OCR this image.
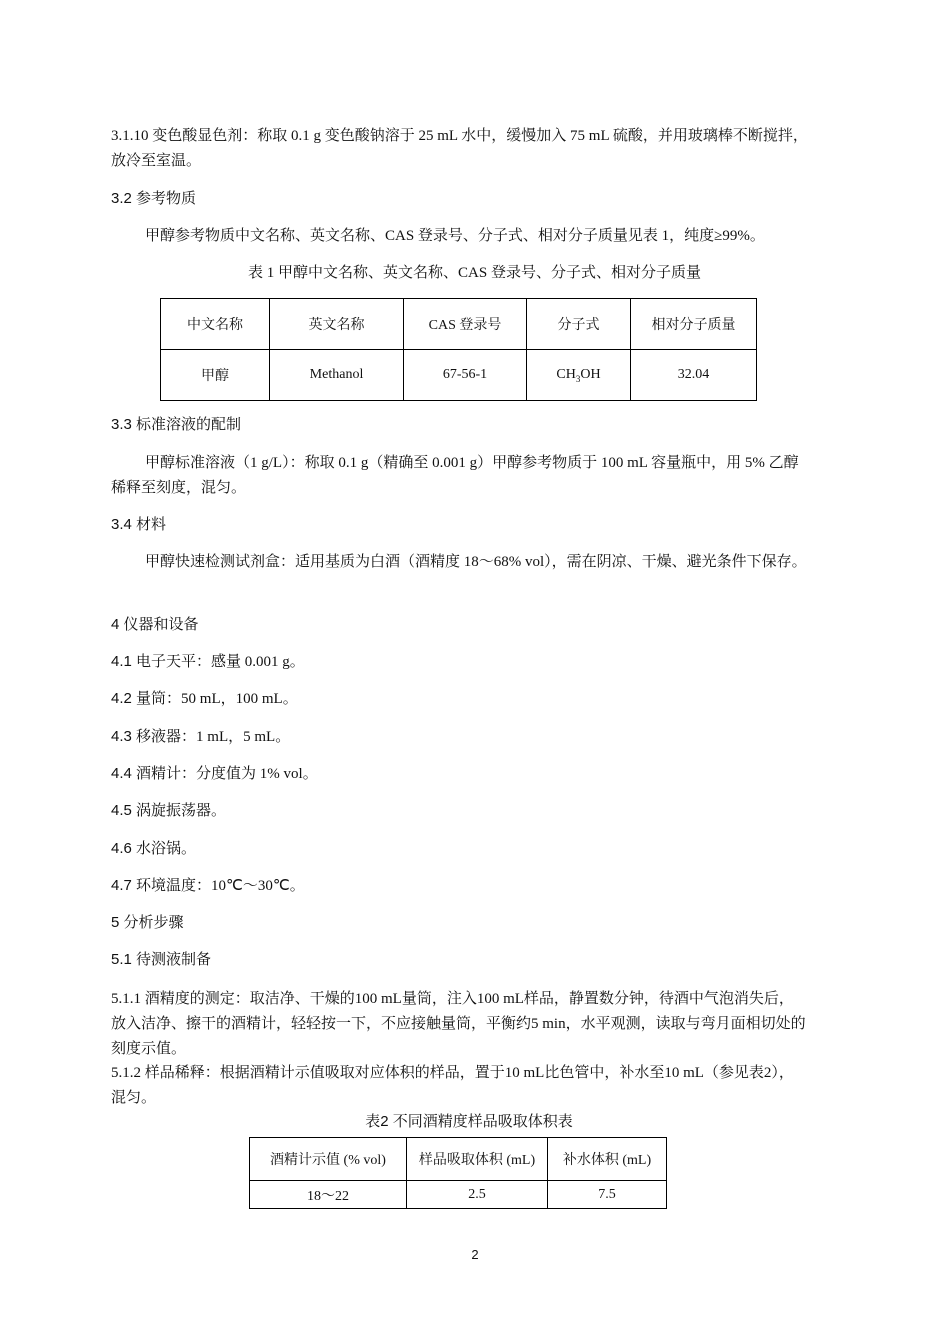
3.1.10 变色酸显色剂：称取 0.1 g 变色酸钠溶于 25 mL 水中，缓慢加入 75 mL 硫酸，并用玻璃棒不断搅拌，放冷至室温。

3.2 参考物质

甲醇参考物质中文名称、英文名称、CAS 登录号、分子式、相对分子质量见表 1，纯度≥99%。

表 1 甲醇中文名称、英文名称、CAS 登录号、分子式、相对分子质量

中文名称	英文名称	CAS 登录号	分子式	相对分子质量
甲醇	Methanol	67-56-1	$CH_3OH$	32.04

3.3 标准溶液的配制

甲醇标准溶液（1 g/L）：称取 0.1 g（精确至 0.001 g）甲醇参考物质于 100 mL 容量瓶中，用 5% 乙醇稀释至刻度，混匀。

3.4 材料

甲醇快速检测试剂盒：适用基质为白酒（酒精度 18～68% vol），需在阴凉、干燥、避光条件下保存。

4 仪器和设备

4.1 电子天平：感量 0.001 g。

4.2 量筒：50 mL，100 mL。

4.3 移液器：1 mL，5 mL。

4.4 酒精计：分度值为 1% vol。

4.5 涡旋振荡器。

4.6 水浴锅。

4.7 环境温度：10℃～30℃。

5 分析步骤

5.1 待测液制备

5.1.1 酒精度的测定：取洁净、干燥的100 mL量筒，注入100 mL样品，静置数分钟，待酒中气泡消失后，放入洁净、擦干的酒精计，轻轻按一下，不应接触量筒，平衡约5 min，水平观测，读取与弯月面相切处的刻度示值。

5.1.2 样品稀释：根据酒精计示值吸取对应体积的样品，置于10 mL比色管中，补水至10 mL（参见表2），混匀。

表2 不同酒精度样品吸取体积表

酒精计示值 (% vol)	样品吸取体积 (mL)	补水体积 (mL)
18～22	2.5	7.5
2
